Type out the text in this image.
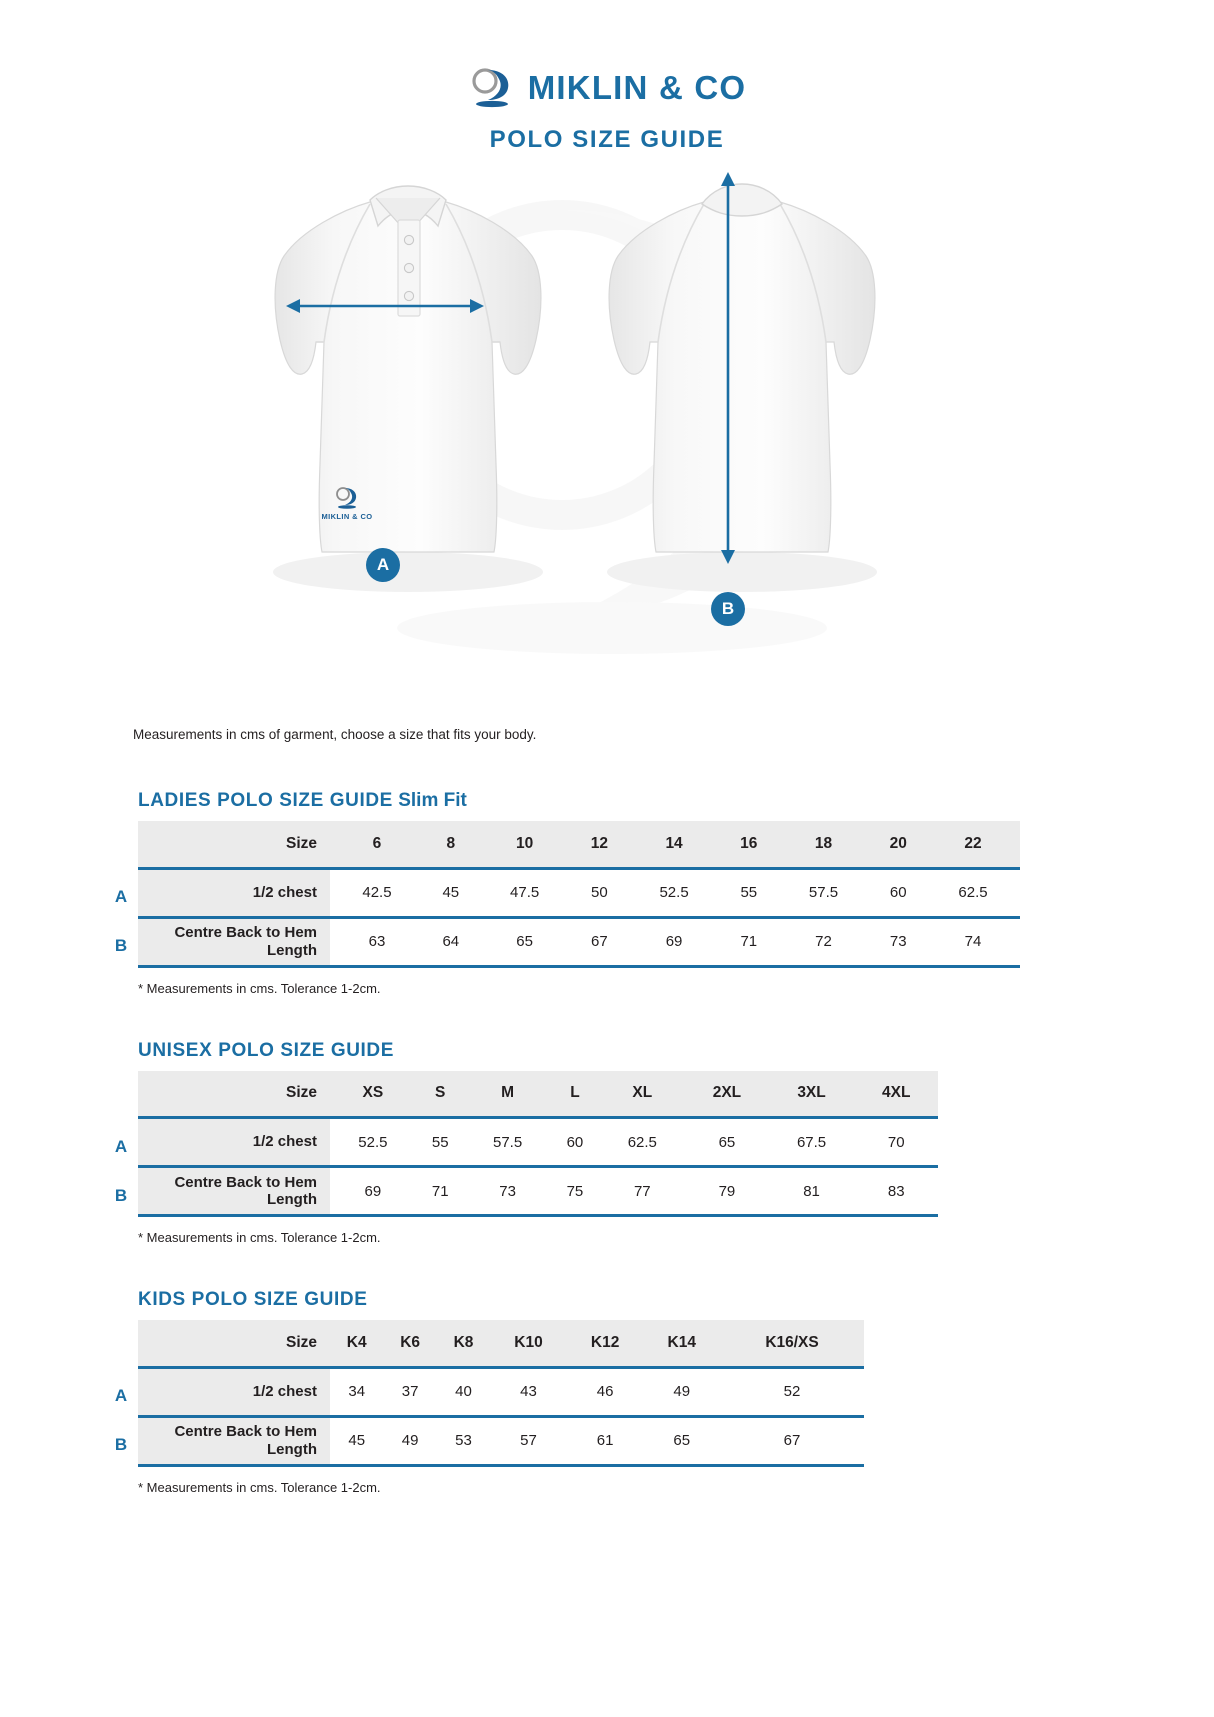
MIKLIN & CO
POLO SIZE GUIDE
MIKLIN & CO
A
B
Measurements in cms of garment, choose a size that fits your body.
LADIES POLO SIZE GUIDE Slim Fit
A
B
Size	6	8	10	12	14	16	18	20	22
1/2 chest	42.5	45	47.5	50	52.5	55	57.5	60	62.5

Centre Back to Hem
Length	63	64	65	67	69	71	72	73	74
* Measurements in cms. Tolerance 1-2cm.
UNISEX POLO SIZE GUIDE
A
B
Size	XS	S	M	L	XL	2XL	3XL	4XL
1/2 chest	52.5	55	57.5	60	62.5	65	67.5	70

Centre Back to Hem
Length	69	71	73	75	77	79	81	83
* Measurements in cms. Tolerance 1-2cm.
KIDS POLO SIZE GUIDE
A
B
Size	K4	K6	K8	K10	K12	K14	K16/XS
1/2 chest	34	37	40	43	46	49	52

Centre Back to Hem
Length	45	49	53	57	61	65	67
* Measurements in cms. Tolerance 1-2cm.
